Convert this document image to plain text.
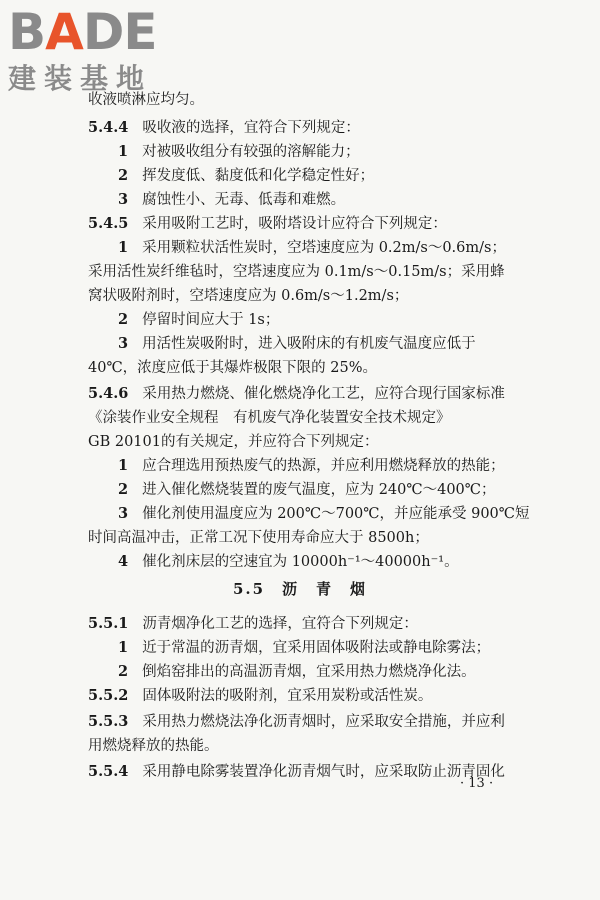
BADE
建装基地
收液喷淋应均匀。
5.4.4 吸收液的选择，宜符合下列规定：
1 对被吸收组分有较强的溶解能力；
2 挥发度低、黏度低和化学稳定性好；
3 腐蚀性小、无毒、低毒和难燃。
5.4.5 采用吸附工艺时，吸附塔设计应符合下列规定：
1 采用颗粒状活性炭时，空塔速度应为 0.2m/s～0.6m/s；
采用活性炭纤维毡时，空塔速度应为 0.1m/s～0.15m/s；采用蜂
窝状吸附剂时，空塔速度应为 0.6m/s～1.2m/s；
2 停留时间应大于 1s；
3 用活性炭吸附时，进入吸附床的有机废气温度应低于
40℃，浓度应低于其爆炸极限下限的 25%。
5.4.6 采用热力燃烧、催化燃烧净化工艺，应符合现行国家标准
《涂装作业安全规程　有机废气净化装置安全技术规定》
GB 20101的有关规定，并应符合下列规定：
1 应合理选用预热废气的热源，并应利用燃烧释放的热能；
2 进入催化燃烧装置的废气温度，应为 240℃～400℃；
3 催化剂使用温度应为 200℃～700℃，并应能承受 900℃短
时间高温冲击，正常工况下使用寿命应大于 8500h；
4 催化剂床层的空速宜为 10000h⁻¹～40000h⁻¹。
5.5　沥　青　烟
5.5.1 沥青烟净化工艺的选择，宜符合下列规定：
1 近于常温的沥青烟，宜采用固体吸附法或静电除雾法；
2 倒焰窑排出的高温沥青烟，宜采用热力燃烧净化法。
5.5.2 固体吸附法的吸附剂，宜采用炭粉或活性炭。
5.5.3 采用热力燃烧法净化沥青烟时，应采取安全措施，并应利
用燃烧释放的热能。
5.5.4 采用静电除雾装置净化沥青烟气时，应采取防止沥青固化
· 13 ·
